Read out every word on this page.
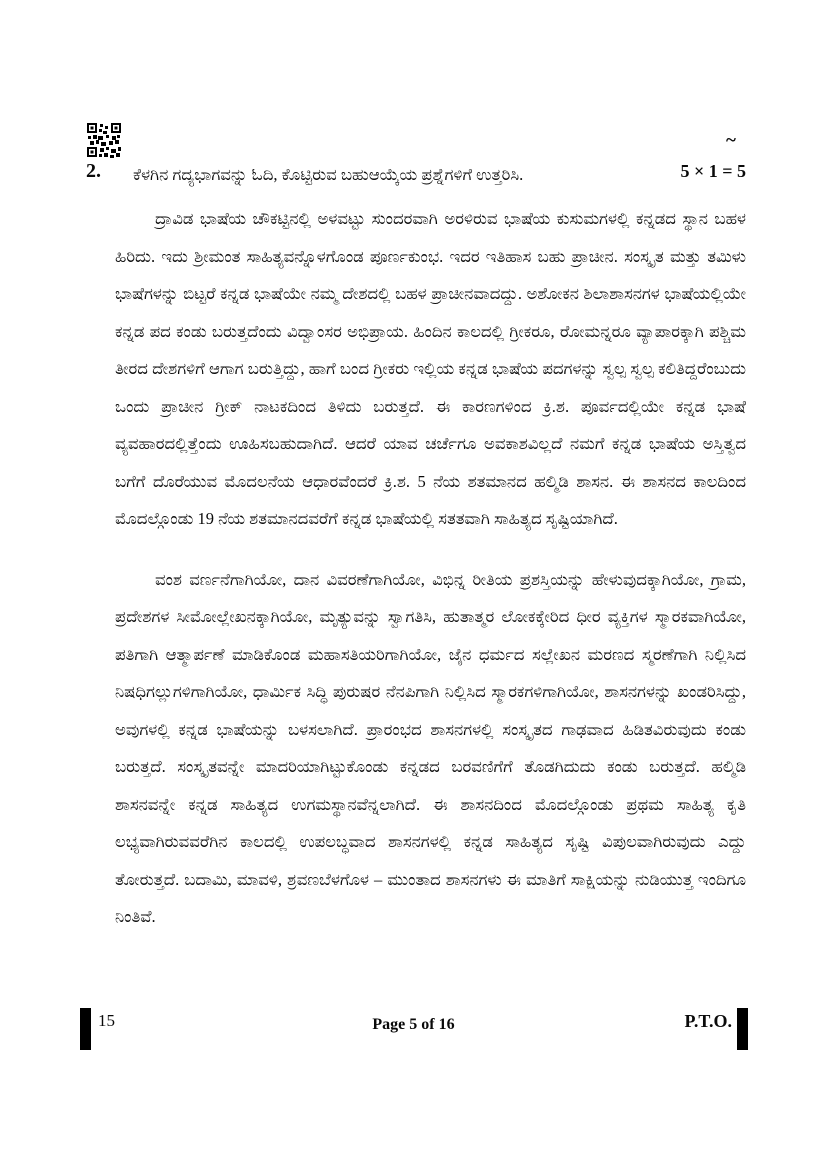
~
2.	ಕೆಳಗಿನ ಗದ್ಯಭಾಗವನ್ನು ಓದಿ, ಕೊಟ್ಟಿರುವ ಬಹುಆಯ್ಕೆಯ ಪ್ರಶ್ನೆಗಳಿಗೆ ಉತ್ತರಿಸಿ.	5 × 1 = 5

ದ್ರಾವಿಡ ಭಾಷೆಯ ಚೌಕಟ್ಟಿನಲ್ಲಿ ಅಳವಟ್ಟು ಸುಂದರವಾಗಿ ಅರಳಿರುವ ಭಾಷೆಯ ಕುಸುಮಗಳಲ್ಲಿ ಕನ್ನಡದ ಸ್ಥಾನ ಬಹಳ ಹಿರಿದು. ಇದು ಶ್ರೀಮಂತ ಸಾಹಿತ್ಯವನ್ನೊಳಗೊಂಡ ಪೂರ್ಣಕುಂಭ. ಇದರ ಇತಿಹಾಸ ಬಹು ಪ್ರಾಚೀನ. ಸಂಸ್ಕೃತ ಮತ್ತು ತಮಿಳು ಭಾಷೆಗಳನ್ನು ಬಿಟ್ಟರೆ ಕನ್ನಡ ಭಾಷೆಯೇ ನಮ್ಮ ದೇಶದಲ್ಲಿ ಬಹಳ ಪ್ರಾಚೀನವಾದದ್ದು. ಅಶೋಕನ ಶಿಲಾಶಾಸನಗಳ ಭಾಷೆಯಲ್ಲಿಯೇ ಕನ್ನಡ ಪದ ಕಂಡು ಬರುತ್ತದೆಂದು ವಿದ್ವಾಂಸರ ಅಭಿಪ್ರಾಯ. ಹಿಂದಿನ ಕಾಲದಲ್ಲಿ ಗ್ರೀಕರೂ, ರೋಮನ್ನರೂ ವ್ಯಾಪಾರಕ್ಕಾಗಿ ಪಶ್ಚಿಮ ತೀರದ ದೇಶಗಳಿಗೆ ಆಗಾಗ ಬರುತ್ತಿದ್ದು, ಹಾಗೆ ಬಂದ ಗ್ರೀಕರು ಇಲ್ಲಿಯ ಕನ್ನಡ ಭಾಷೆಯ ಪದಗಳನ್ನು ಸ್ವಲ್ಪ ಸ್ವಲ್ಪ ಕಲಿತಿದ್ದರೆಂಬುದು ಒಂದು ಪ್ರಾಚೀನ ಗ್ರೀಕ್ ನಾಟಕದಿಂದ ತಿಳಿದು ಬರುತ್ತದೆ. ಈ ಕಾರಣಗಳಿಂದ ಕ್ರಿ.ಶ. ಪೂರ್ವದಲ್ಲಿಯೇ ಕನ್ನಡ ಭಾಷೆ ವ್ಯವಹಾರದಲ್ಲಿತ್ತೆಂದು ಊಹಿಸಬಹುದಾಗಿದೆ. ಆದರೆ ಯಾವ ಚರ್ಚೆಗೂ ಅವಕಾಶವಿಲ್ಲದೆ ನಮಗೆ ಕನ್ನಡ ಭಾಷೆಯ ಅಸ್ತಿತ್ವದ ಬಗೆಗೆ ದೊರೆಯುವ ಮೊದಲನೆಯ ಆಧಾರವೆಂದರೆ ಕ್ರಿ.ಶ. 5 ನೆಯ ಶತಮಾನದ ಹಲ್ಮಿಡಿ ಶಾಸನ. ಈ ಶಾಸನದ ಕಾಲದಿಂದ ಮೊದಲ್ಗೊಂಡು 19 ನೆಯ ಶತಮಾನದವರೆಗೆ ಕನ್ನಡ ಭಾಷೆಯಲ್ಲಿ ಸತತವಾಗಿ ಸಾಹಿತ್ಯದ ಸೃಷ್ಟಿಯಾಗಿದೆ.

ವಂಶ ವರ್ಣನೆಗಾಗಿಯೋ, ದಾನ ವಿವರಣೆಗಾಗಿಯೋ, ವಿಭಿನ್ನ ರೀತಿಯ ಪ್ರಶಸ್ತಿಯನ್ನು ಹೇಳುವುದಕ್ಕಾಗಿಯೋ, ಗ್ರಾಮ, ಪ್ರದೇಶಗಳ ಸೀಮೋಲ್ಲೇಖನಕ್ಕಾಗಿಯೋ, ಮೃತ್ಯುವನ್ನು ಸ್ವಾಗತಿಸಿ, ಹುತಾತ್ಮರ ಲೋಕಕ್ಕೇರಿದ ಧೀರ ವ್ಯಕ್ತಿಗಳ ಸ್ಮಾರಕವಾಗಿಯೋ, ಪತಿಗಾಗಿ ಆತ್ಮಾರ್ಪಣೆ ಮಾಡಿಕೊಂಡ ಮಹಾಸತಿಯರಿಗಾಗಿಯೋ, ಜೈನ ಧರ್ಮದ ಸಲ್ಲೇಖನ ಮರಣದ ಸ್ಮರಣೆಗಾಗಿ ನಿಲ್ಲಿಸಿದ ನಿಷಧಿಗಲ್ಲುಗಳಿಗಾಗಿಯೋ, ಧಾರ್ಮಿಕ ಸಿದ್ಧಿ ಪುರುಷರ ನೆನಪಿಗಾಗಿ ನಿಲ್ಲಿಸಿದ ಸ್ಮಾರಕಗಳಿಗಾಗಿಯೋ, ಶಾಸನಗಳನ್ನು ಖಂಡರಿಸಿದ್ದು, ಅವುಗಳಲ್ಲಿ ಕನ್ನಡ ಭಾಷೆಯನ್ನು ಬಳಸಲಾಗಿದೆ. ಪ್ರಾರಂಭದ ಶಾಸನಗಳಲ್ಲಿ ಸಂಸ್ಕೃತದ ಗಾಢವಾದ ಹಿಡಿತವಿರುವುದು ಕಂಡು ಬರುತ್ತದೆ. ಸಂಸ್ಕೃತವನ್ನೇ ಮಾದರಿಯಾಗಿಟ್ಟುಕೊಂಡು ಕನ್ನಡದ ಬರವಣಿಗೆಗೆ ತೊಡಗಿದುದು ಕಂಡು ಬರುತ್ತದೆ. ಹಲ್ಮಿಡಿ ಶಾಸನವನ್ನೇ ಕನ್ನಡ ಸಾಹಿತ್ಯದ ಉಗಮಸ್ಥಾನವೆನ್ನಲಾಗಿದೆ. ಈ ಶಾಸನದಿಂದ ಮೊದಲ್ಗೊಂಡು ಪ್ರಥಮ ಸಾಹಿತ್ಯ ಕೃತಿ ಲಭ್ಯವಾಗಿರುವವರೆಗಿನ ಕಾಲದಲ್ಲಿ ಉಪಲಬ್ಧವಾದ ಶಾಸನಗಳಲ್ಲಿ ಕನ್ನಡ ಸಾಹಿತ್ಯದ ಸೃಷ್ಟಿ ವಿಪುಲವಾಗಿರುವುದು ಎದ್ದು ತೋರುತ್ತದೆ. ಬದಾಮಿ, ಮಾವಳಿ, ಶ್ರವಣಬೆಳಗೊಳ – ಮುಂತಾದ ಶಾಸನಗಳು ಈ ಮಾತಿಗೆ ಸಾಕ್ಷಿಯನ್ನು ನುಡಿಯುತ್ತ ಇಂದಿಗೂ ನಿಂತಿವೆ.

15	Page 5 of 16	P.T.O.
